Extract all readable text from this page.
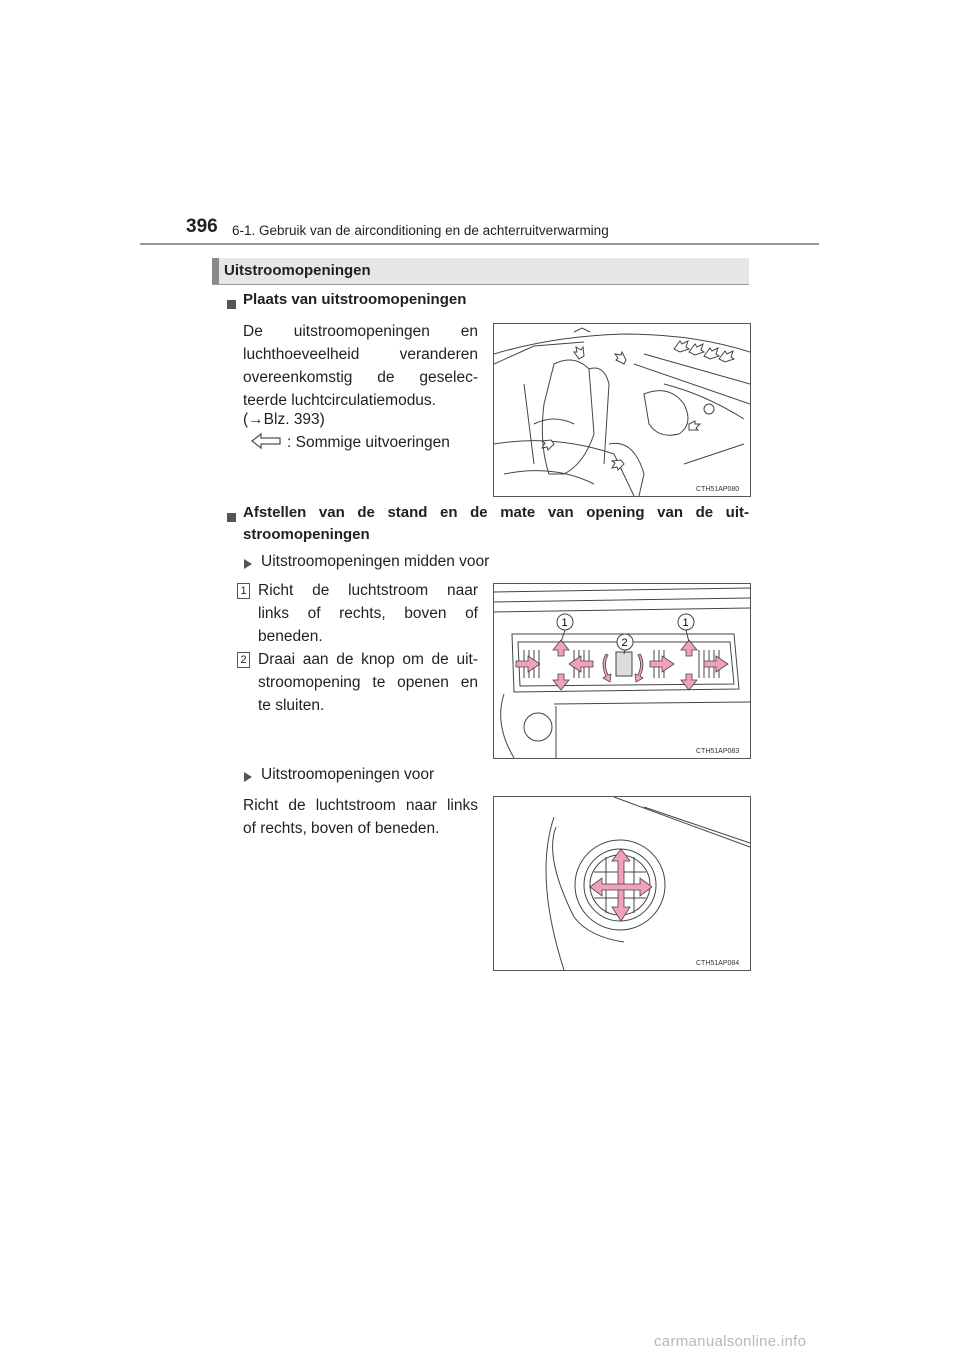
396 6-1. Gebruik van de airconditioning en de achterruitverwarming
Uitstroomopeningen
Plaats van uitstroomopeningen
De uitstroomopeningen en
luchthoeveelheid veranderen
overeenkomstig de geselec-
teerde luchtcirculatiemodus.
(→Blz. 393)
: Sommige uitvoeringen
CTH51AP080
Afstellen van de stand en de mate van opening van de uit-
stroomopeningen
Uitstroomopeningen midden voor
1 Richt de luchtstroom naar
links of rechts, boven of
beneden.
2 Draai aan de knop om de uit-
stroomopening te openen en
te sluiten.
1	1
2
CTH51AP083
Uitstroomopeningen voor
Richt de luchtstroom naar links
of rechts, boven of beneden.
CTH51AP084
carmanualsonline.info
